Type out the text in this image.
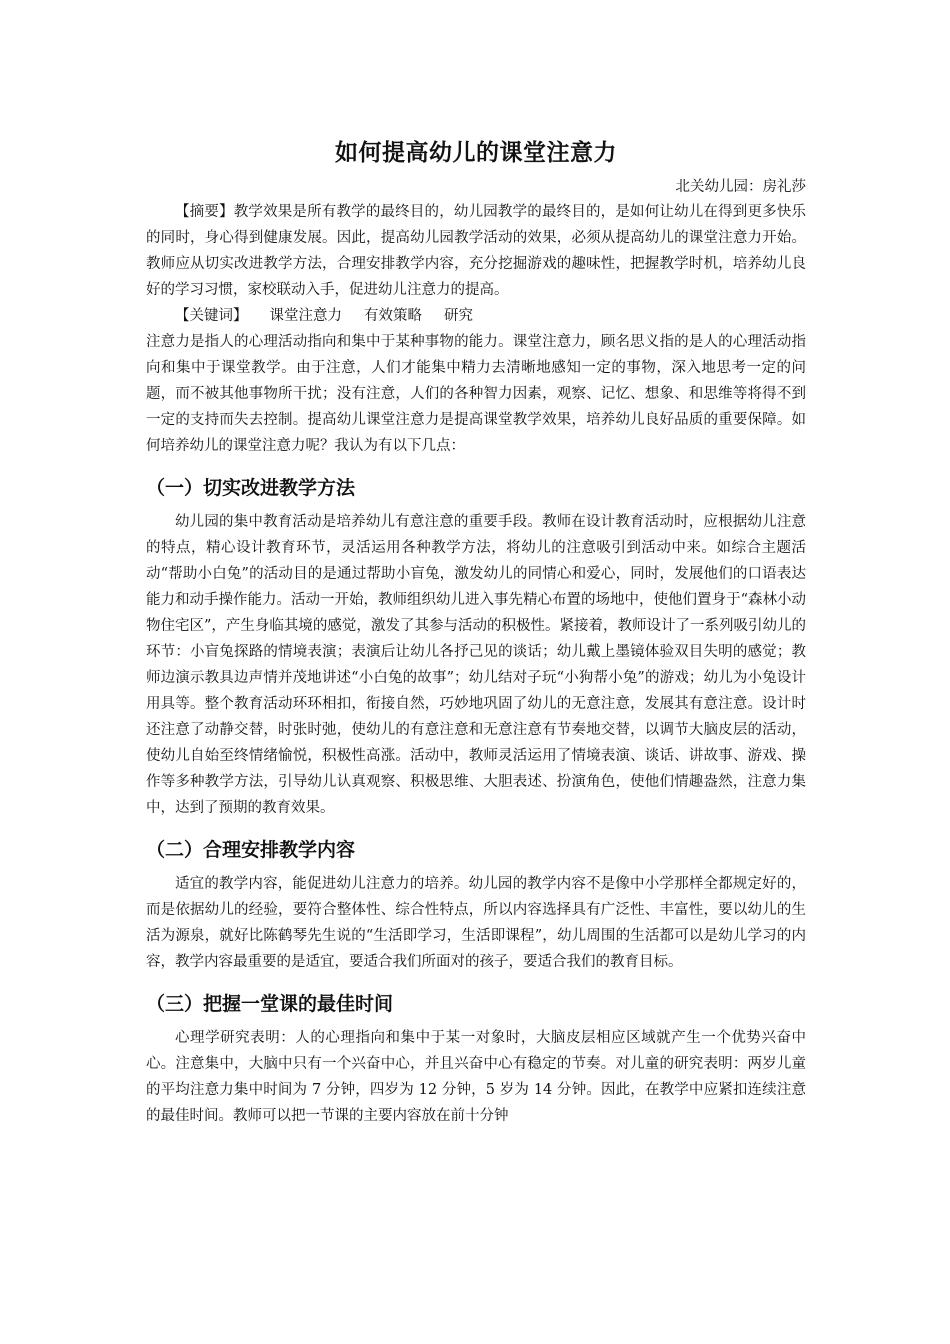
如何提高幼儿的课堂注意力
北关幼儿园：房礼莎

【摘要】教学效果是所有教学的最终目的，幼儿园教学的最终目的，是如何让幼儿在得到更多快乐的同时，身心得到健康发展。因此，提高幼儿园教学活动的效果，必须从提高幼儿的课堂注意力开始。教师应从切实改进教学方法，合理安排教学内容，充分挖掘游戏的趣味性，把握教学时机，培养幼儿良好的学习习惯，家校联动入手，促进幼儿注意力的提高。

【关键词】 课堂注意力 有效策略 研究

注意力是指人的心理活动指向和集中于某种事物的能力。课堂注意力，顾名思义指的是人的心理活动指向和集中于课堂教学。由于注意，人们才能集中精力去清晰地感知一定的事物，深入地思考一定的问题，而不被其他事物所干扰；没有注意，人们的各种智力因素，观察、记忆、想象、和思维等将得不到一定的支持而失去控制。提高幼儿课堂注意力是提高课堂教学效果，培养幼儿良好品质的重要保障。如何培养幼儿的课堂注意力呢？我认为有以下几点：

（一）切实改进教学方法

幼儿园的集中教育活动是培养幼儿有意注意的重要手段。教师在设计教育活动时，应根据幼儿注意的特点，精心设计教育环节，灵活运用各种教学方法，将幼儿的注意吸引到活动中来。如综合主题活动“帮助小白兔”的活动目的是通过帮助小盲兔，激发幼儿的同情心和爱心，同时，发展他们的口语表达能力和动手操作能力。活动一开始，教师组织幼儿进入事先精心布置的场地中，使他们置身于“森林小动物住宅区”，产生身临其境的感觉，激发了其参与活动的积极性。紧接着，教师设计了一系列吸引幼儿的环节：小盲兔探路的情境表演；表演后让幼儿各抒己见的谈话；幼儿戴上墨镜体验双目失明的感觉；教师边演示教具边声情并茂地讲述“小白兔的故事”；幼儿结对子玩“小狗帮小兔”的游戏；幼儿为小兔设计用具等。整个教育活动环环相扣，衔接自然，巧妙地巩固了幼儿的无意注意，发展其有意注意。设计时还注意了动静交替，时张时弛，使幼儿的有意注意和无意注意有节奏地交替，以调节大脑皮层的活动，使幼儿自始至终情绪愉悦，积极性高涨。活动中，教师灵活运用了情境表演、谈话、讲故事、游戏、操作等多种教学方法，引导幼儿认真观察、积极思维、大胆表述、扮演角色，使他们情趣盎然，注意力集中，达到了预期的教育效果。

（二）合理安排教学内容

适宜的教学内容，能促进幼儿注意力的培养。幼儿园的教学内容不是像中小学那样全都规定好的，而是依据幼儿的经验，要符合整体性、综合性特点，所以内容选择具有广泛性、丰富性，要以幼儿的生活为源泉，就好比陈鹤琴先生说的“生活即学习，生活即课程”，幼儿周围的生活都可以是幼儿学习的内容，教学内容最重要的是适宜，要适合我们所面对的孩子，要适合我们的教育目标。

（三）把握一堂课的最佳时间

心理学研究表明：人的心理指向和集中于某一对象时，大脑皮层相应区域就产生一个优势兴奋中心。注意集中，大脑中只有一个兴奋中心，并且兴奋中心有稳定的节奏。对儿童的研究表明：两岁儿童的平均注意力集中时间为 7 分钟，四岁为 12 分钟，5 岁为 14 分钟。因此，在教学中应紧扣连续注意的最佳时间。教师可以把一节课的主要内容放在前十分钟
